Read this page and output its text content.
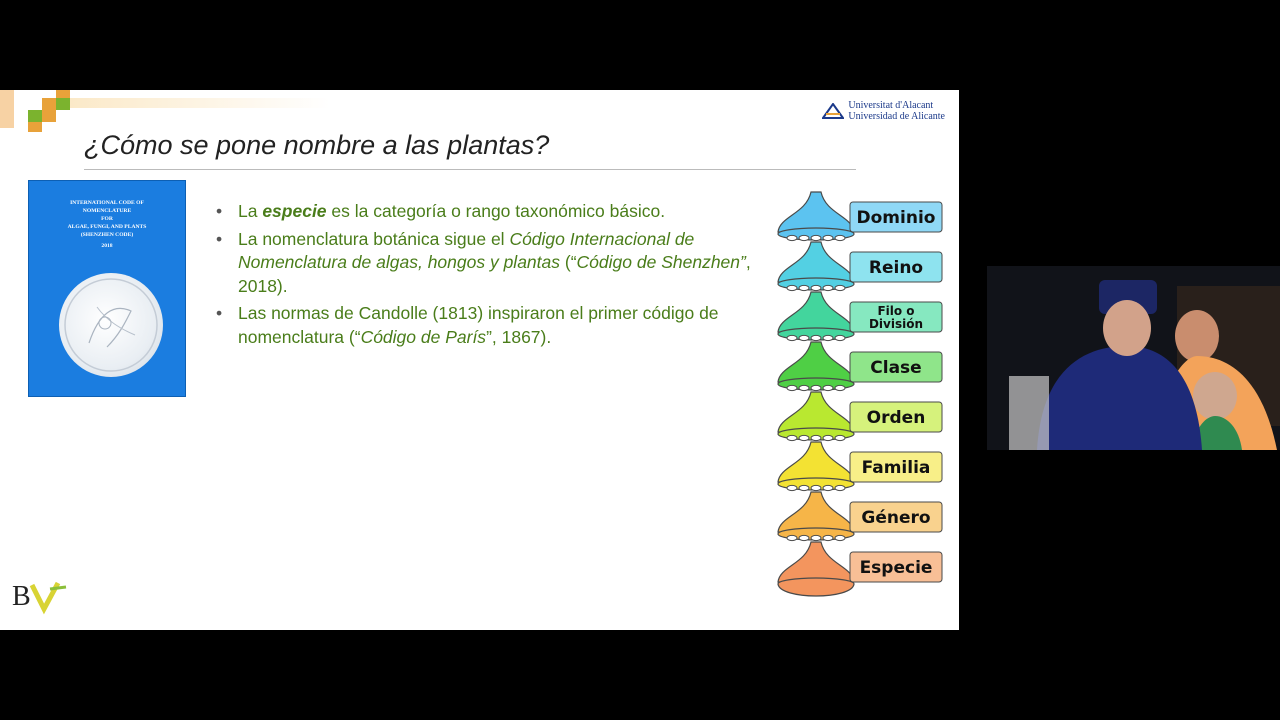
Universitat d'Alacant
Universidad de Alicante
¿Cómo se pone nombre a las plantas?
INTERNATIONAL CODE OF
NOMENCLATURE
FOR
ALGAE, FUNGI, AND PLANTS
(SHENZHEN CODE)
2018
• La especie es la categoría o rango taxonómico básico.
• La nomenclatura botánica sigue el Código Internacional de Nomenclatura de algas, hongos y plantas (“Código de Shenzhen”, 2018).
• Las normas de Candolle (1813) inspiraron el primer código de nomenclatura (“Código de París”, 1867).
Dominio
Reino
Filo o
División
Clase
Orden
Familia
Género
Especie
B
